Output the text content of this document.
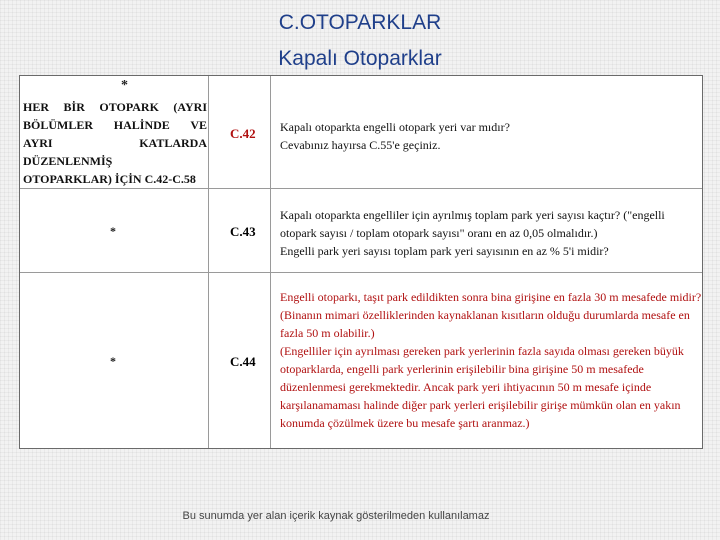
C.OTOPARKLAR
Kapalı Otoparklar
*
HER BİR OTOPARK (AYRI
BÖLÜMLER HALİNDE VE
AYRI KATLARDA
DÜZENLENMİŞ
OTOPARKLAR) İÇİN C.42-C.58
C.42 Kapalı otoparkta engelli otopark yeri var mıdır?
Cevabınız hayırsa C.55'e geçiniz.
*	C.43
Kapalı otoparkta engelliler için ayrılmış toplam park yeri sayısı kaçtır? ("engelli
otopark sayısı / toplam otopark sayısı" oranı en az 0,05 olmalıdır.)
Engelli park yeri sayısı toplam park yeri sayısının en az % 5'i midir?
*	C.44
Engelli otoparkı, taşıt park edildikten sonra bina girişine en fazla 30 m mesafede midir?
(Binanın mimari özelliklerinden kaynaklanan kısıtların olduğu durumlarda mesafe en
fazla 50 m olabilir.)
(Engelliler için ayrılması gereken park yerlerinin fazla sayıda olması gereken büyük
otoparklarda, engelli park yerlerinin erişilebilir bina girişine 50 m mesafede
düzenlenmesi gerekmektedir. Ancak park yeri ihtiyacının 50 m mesafe içinde
karşılanamaması halinde diğer park yerleri erişilebilir girişe mümkün olan en yakın
konumda çözülmek üzere bu mesafe şartı aranmaz.)
Bu sunumda yer alan içerik kaynak gösterilmeden kullanılamaz
